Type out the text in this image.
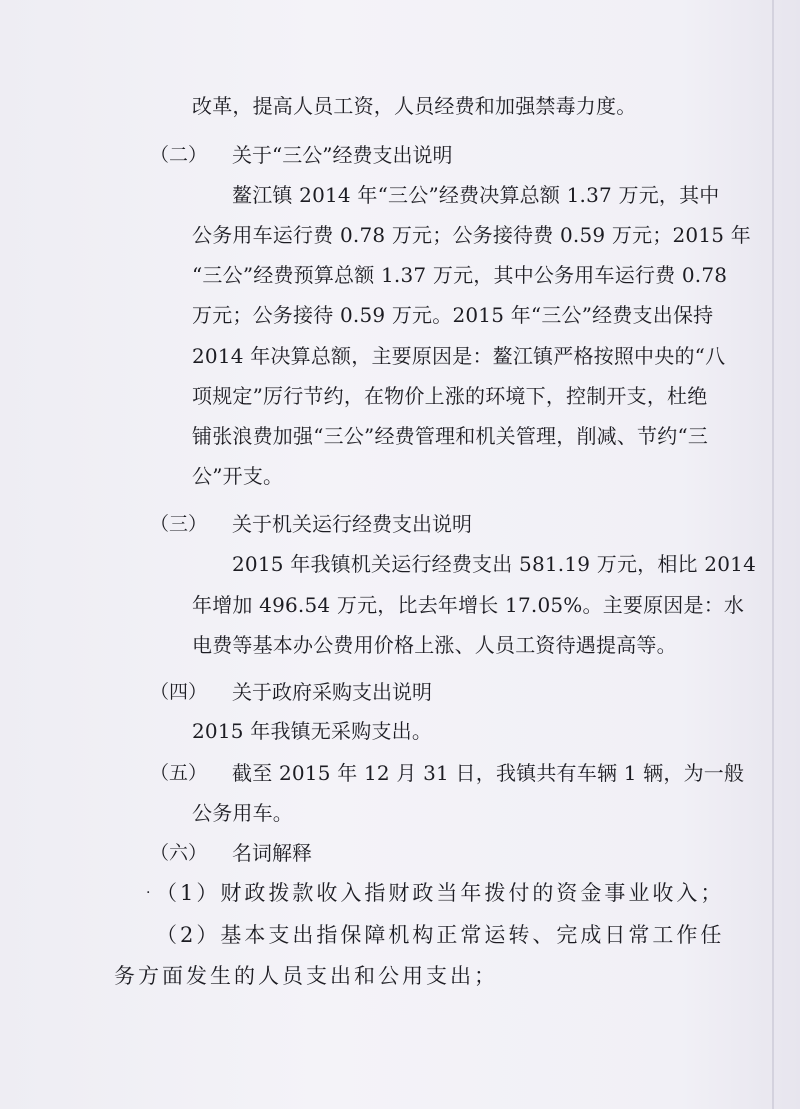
改革，提高人员工资，人员经费和加强禁毒力度。
（二） 关于“三公”经费支出说明
鳌江镇 2014 年“三公”经费决算总额 1.37 万元，其中
公务用车运行费 0.78 万元；公务接待费 0.59 万元；2015 年
“三公”经费预算总额 1.37 万元，其中公务用车运行费 0.78
万元；公务接待 0.59 万元。2015 年“三公”经费支出保持
2014 年决算总额，主要原因是：鳌江镇严格按照中央的“八
项规定”厉行节约，在物价上涨的环境下，控制开支，杜绝
铺张浪费加强“三公”经费管理和机关管理，削减、节约“三
公”开支。
（三） 关于机关运行经费支出说明
2015 年我镇机关运行经费支出 581.19 万元，相比 2014
年增加 496.54 万元，比去年增长 17.05%。主要原因是：水
电费等基本办公费用价格上涨、人员工资待遇提高等。
（四） 关于政府采购支出说明
2015 年我镇无采购支出。
（五） 截至 2015 年 12 月 31 日，我镇共有车辆 1 辆，为一般
公务用车。
（六） 名词解释
. （1）财政拨款收入指财政当年拨付的资金事业收入；
（2）基本支出指保障机构正常运转、完成日常工作任
务方面发生的人员支出和公用支出；
